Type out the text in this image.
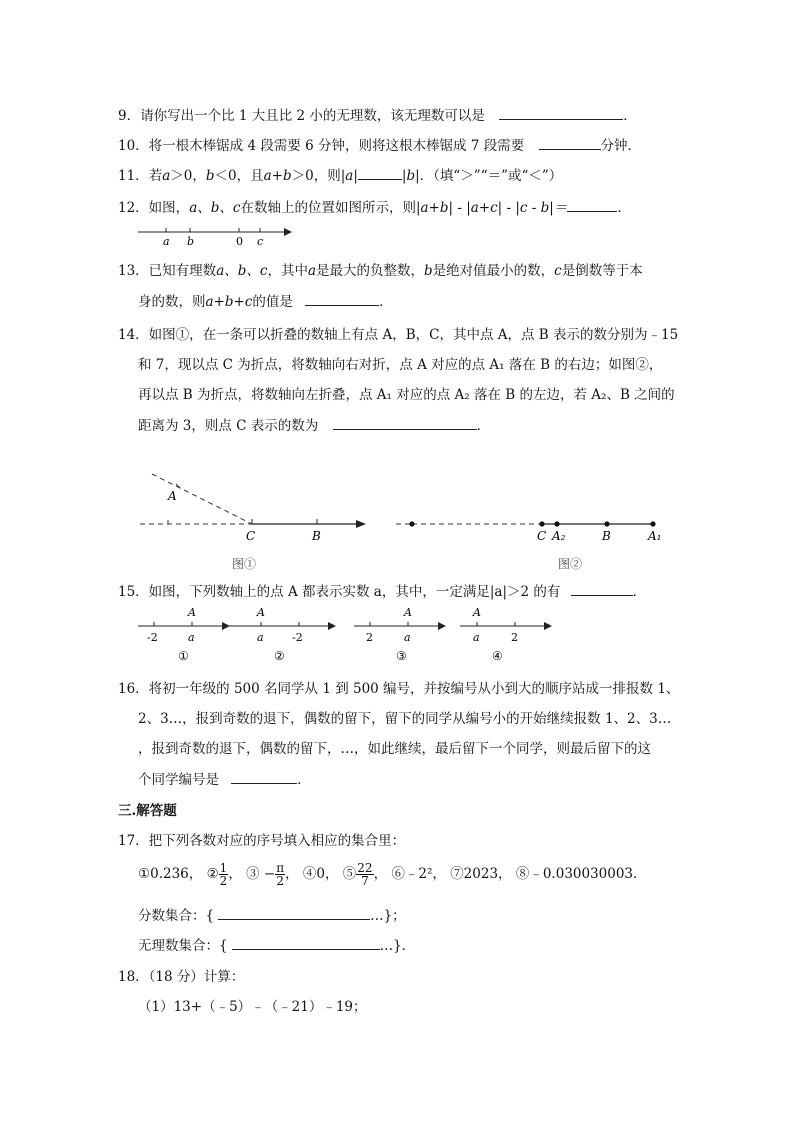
9．请你写出一个比 1 大且比 2 小的无理数，该无理数可以是	．
10．将一根木棒锯成 4 段需要 6 分钟，则将这根木棒锯成 7 段需要	分钟．
11．若a＞0，b＜0，且a+b＞0，则|a|	|b|．（填“＞”“＝”或“＜”）
12．如图，a、b、c在数轴上的位置如图所示，则|a+b| - |a+c| - |c - b|＝	．
a b	0 c
13．已知有理数a、b、c，其中a是最大的负整数，b是绝对值最小的数，c是倒数等于本
身的数，则a+b+c的值是	．
14．如图①，在一条可以折叠的数轴上有点 A，B，C，其中点 A，点 B 表示的数分别为﹣15
和 7，现以点 C 为折点，将数轴向右对折，点 A 对应的点 A₁ 落在 B 的右边；如图②，
再以点 B 为折点，将数轴向左折叠，点 A₁ 对应的点 A₂ 落在 B 的左边，若 A₂、B 之间的
距离为 3，则点 C 表示的数为	．
A
C	B
图①
C A₂	B	A₁
图②
15．如图，下列数轴上的点 A 都表示实数 a，其中，一定满足|a|＞2 的有	．
A
-2	a
①
A
a	-2
②
A
2	a
③
A
a	2
④
16．将初一年级的 500 名同学从 1 到 500 编号，并按编号从小到大的顺序站成一排报数 1、
2、3…，报到奇数的退下，偶数的留下，留下的同学从编号小的开始继续报数 1、2、3…
，报到奇数的退下，偶数的留下，…，如此继续，最后留下一个同学，则最后留下的这
个同学编号是	．
三.解答题
17．把下列各数对应的序号填入相应的集合里：
①0.236， ② $\frac{1}{2}$ ， ③ − $\frac{\pi}{2}$ ， ④0， ⑤ $\frac{22}{7}$ ， ⑥﹣2²， ⑦2023， ⑧﹣0.030030003．
分数集合：{	…}；
无理数集合：{	…}．
18．（18 分）计算：
（1）13+（﹣5）﹣（﹣21）﹣19；
